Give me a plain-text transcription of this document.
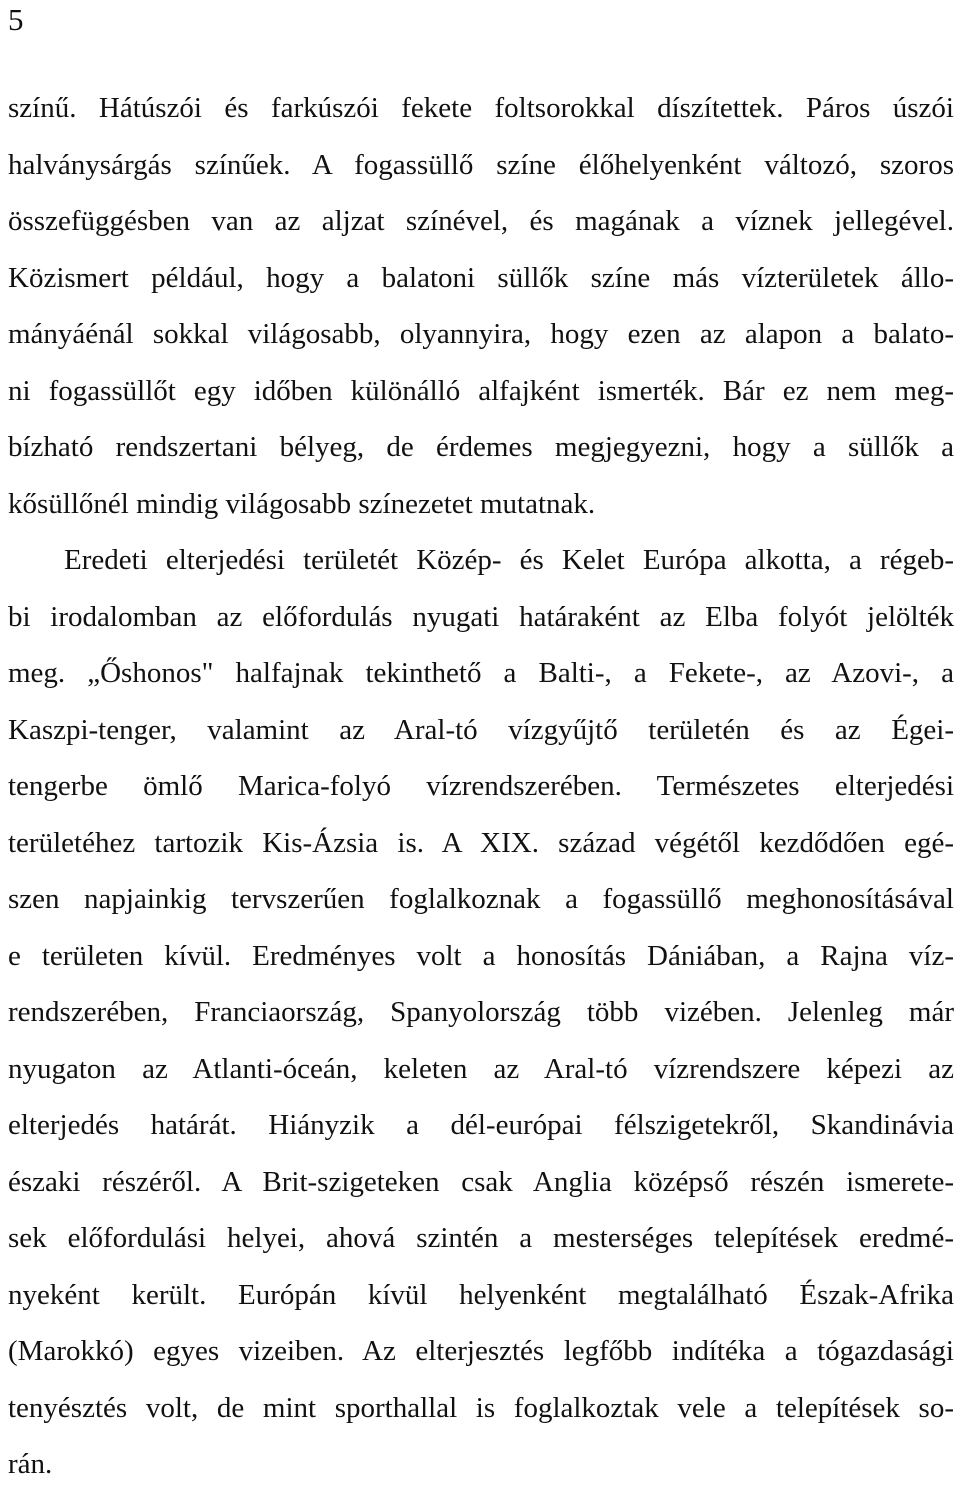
5
színű. Hátúszói és farkúszói fekete foltsorokkal díszítettek. Páros úszói
halványsárgás színűek. A fogassüllő színe élőhelyenként változó, szoros
összefüggésben van az aljzat színével, és magának a víznek jellegével.
Közismert például, hogy a balatoni süllők színe más vízterületek állo-
mányáénál sokkal világosabb, olyannyira, hogy ezen az alapon a balato-
ni fogassüllőt egy időben különálló alfajként ismerték. Bár ez nem meg-
bízható rendszertani bélyeg, de érdemes megjegyezni, hogy a süllők a
kősüllőnél mindig világosabb színezetet mutatnak.
Eredeti elterjedési területét Közép- és Kelet Európa alkotta, a régeb-
bi irodalomban az előfordulás nyugati határaként az Elba folyót jelölték
meg. „Őshonos" halfajnak tekinthető a Balti-, a Fekete-, az Azovi-, a
Kaszpi-tenger, valamint az Aral-tó vízgyűjtő területén és az Égei-
tengerbe ömlő Marica-folyó vízrendszerében. Természetes elterjedési
területéhez tartozik Kis-Ázsia is. A XIX. század végétől kezdődően egé-
szen napjainkig tervszerűen foglalkoznak a fogassüllő meghonosításával
e területen kívül. Eredményes volt a honosítás Dániában, a Rajna víz-
rendszerében, Franciaország, Spanyolország több vizében. Jelenleg már
nyugaton az Atlanti-óceán, keleten az Aral-tó vízrendszere képezi az
elterjedés határát. Hiányzik a dél-európai félszigetekről, Skandinávia
északi részéről. A Brit-szigeteken csak Anglia középső részén ismerete-
sek előfordulási helyei, ahová szintén a mesterséges telepítések eredmé-
nyeként került. Európán kívül helyenként megtalálható Észak-Afrika
(Marokkó) egyes vizeiben. Az elterjesztés legfőbb indítéka a tógazdasági
tenyésztés volt, de mint sporthallal is foglalkoztak vele a telepítések so-
rán.
